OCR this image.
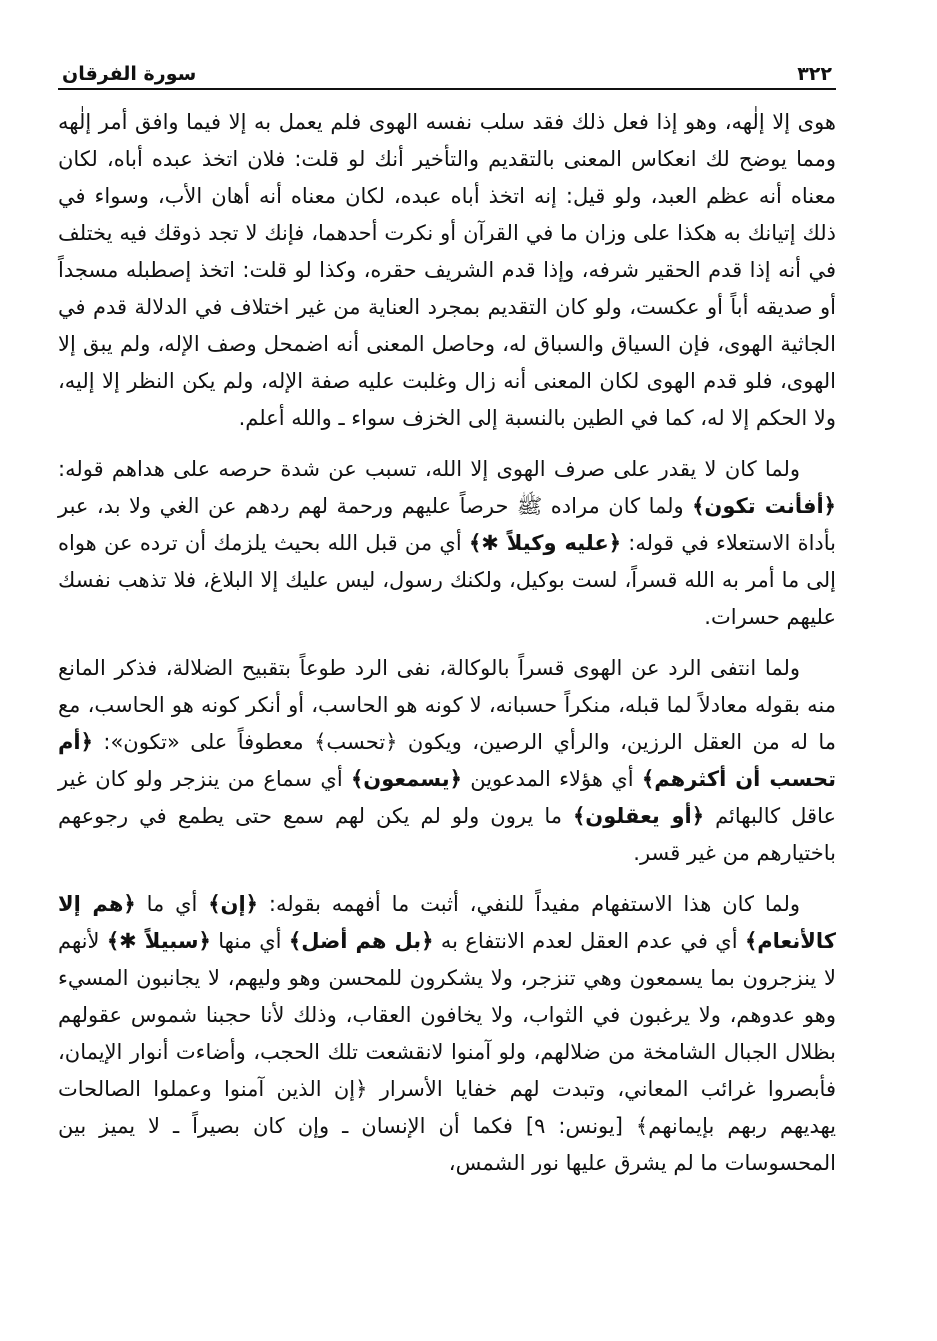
٣٢٢
سورة الفرقان

هوى إلا إلٰهه، وهو إذا فعل ذلك فقد سلب نفسه الهوى فلم يعمل به إلا فيما وافق أمر إلٰهه ومما يوضح لك انعكاس المعنى بالتقديم والتأخير أنك لو قلت: فلان اتخذ عبده أباه، لكان معناه أنه عظم العبد، ولو قيل: إنه اتخذ أباه عبده، لكان معناه أنه أهان الأب، وسواء في ذلك إتيانك به هكذا على وزان ما في القرآن أو نكرت أحدهما، فإنك لا تجد ذوقك فيه يختلف في أنه إذا قدم الحقير شرفه، وإذا قدم الشريف حقره، وكذا لو قلت: اتخذ إصطبله مسجداً أو صديقه أباً أو عكست، ولو كان التقديم بمجرد العناية من غير اختلاف في الدلالة قدم في الجاثية الهوى، فإن السياق والسباق له، وحاصل المعنى أنه اضمحل وصف الإله، ولم يبق إلا الهوى، فلو قدم الهوى لكان المعنى أنه زال وغلبت عليه صفة الإله، ولم يكن النظر إلا إليه، ولا الحكم إلا له، كما في الطين بالنسبة إلى الخزف سواء ـ والله أعلم.

ولما كان لا يقدر على صرف الهوى إلا الله، تسبب عن شدة حرصه على هداهم قوله: ﴿أفأنت تكون﴾ ولما كان مراده ﷺ حرصاً عليهم ورحمة لهم ردهم عن الغي ولا بد، عبر بأداة الاستعلاء في قوله: ﴿عليه وكيلاً ✱﴾ أي من قبل الله بحيث يلزمك أن ترده عن هواه إلى ما أمر به الله قسراً، لست بوكيل، ولكنك رسول، ليس عليك إلا البلاغ، فلا تذهب نفسك عليهم حسرات.

ولما انتفى الرد عن الهوى قسراً بالوكالة، نفى الرد طوعاً بتقبيح الضلالة، فذكر المانع منه بقوله معادلاً لما قبله، منكراً حسبانه، لا كونه هو الحاسب، أو أنكر كونه هو الحاسب، مع ما له من العقل الرزين، والرأي الرصين، ويكون ﴿تحسب﴾ معطوفاً على «تكون»: ﴿أم تحسب أن أكثرهم﴾ أي هؤلاء المدعوين ﴿يسمعون﴾ أي سماع من ينزجر ولو كان غير عاقل كالبهائم ﴿أو يعقلون﴾ ما يرون ولو لم يكن لهم سمع حتى يطمع في رجوعهم باختيارهم من غير قسر.

ولما كان هذا الاستفهام مفيداً للنفي، أثبت ما أفهمه بقوله: ﴿إن﴾ أي ما ﴿هم إلا كالأنعام﴾ أي في عدم العقل لعدم الانتفاع به ﴿بل هم أضل﴾ أي منها ﴿سبيلاً ✱﴾ لأنهم لا ينزجرون بما يسمعون وهي تنزجر، ولا يشكرون للمحسن وهو وليهم، لا يجانبون المسيء وهو عدوهم، ولا يرغبون في الثواب، ولا يخافون العقاب، وذلك لأنا حجبنا شموس عقولهم بظلال الجبال الشامخة من ضلالهم، ولو آمنوا لانقشعت تلك الحجب، وأضاءت أنوار الإيمان، فأبصروا غرائب المعاني، وتبدت لهم خفايا الأسرار ﴿إن الذين آمنوا وعملوا الصالحات يهديهم ربهم بإيمانهم﴾ [يونس: ٩] فكما أن الإنسان ـ وإن كان بصيراً ـ لا يميز بين المحسوسات ما لم يشرق عليها نور الشمس،
